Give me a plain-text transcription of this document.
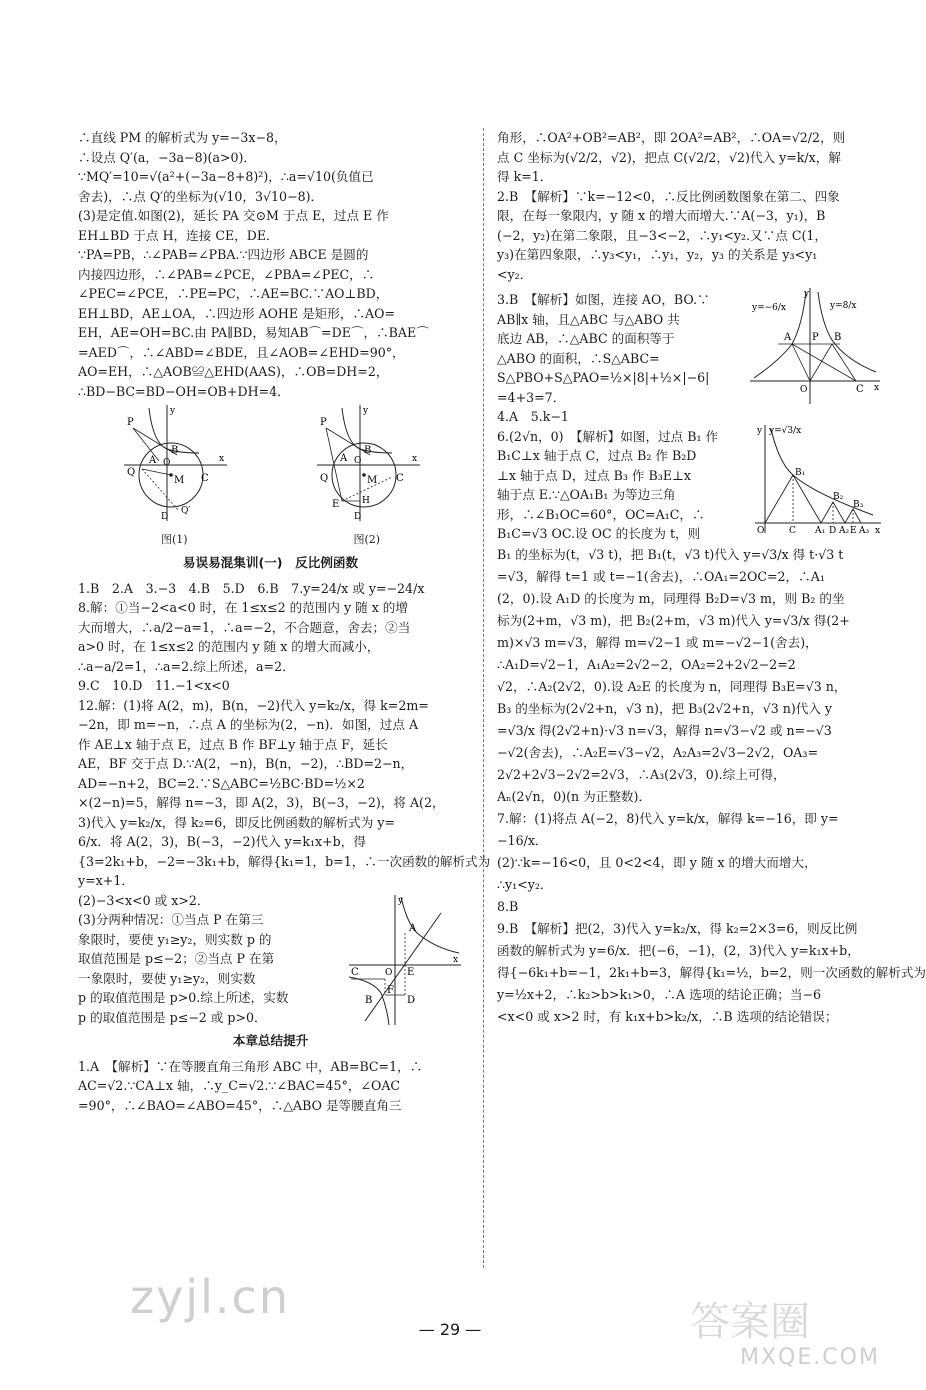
∴直线 PM 的解析式为 y=−3x−8，
∴设点 Q′(a，−3a−8)(a>0)．
∵MQ′=10=√(a²+(−3a−8+8)²)，∴a=√10(负值已
舍去)，∴点 Q′的坐标为(√10，3√10−8)．
(3)是定值.如图(2)，延长 PA 交⊙M 于点 E，过点 E 作
EH⊥BD 于点 H，连接 CE，DE．
∵PA=PB，∴∠PAB=∠PBA.∵四边形 ABCE 是圆的
内接四边形，∴∠PAB=∠PCE，∠PBA=∠PEC，∴
∠PEC=∠PCE，∴PE=PC，∴AE=BC.∵AO⊥BD，
EH⊥BD，AE⊥OA，∴四边形 AOHE 是矩形，∴AO=
EH，AE=OH=BC.由 PA∥BD，易知AB⌒=DE⌒，∴BAE⌒
=AED⌒，∴∠ABD=∠BDE，且∠AOB=∠EHD=90°，
AO=EH，∴△AOB≌△EHD(AAS)，∴OB=DH=2，
∴BD−BC=BD−OH=OB+DH=4．
P
B
A O
Q
M C
Q′
D
x
y
图(1)
P
B
A O
Q	M C
E	H
D
x
y
图(2)
易误易混集训(一)　反比例函数
1.B　2.A　3.−3　4.B　5.D　6.B　7.y=24/x 或 y=−24/x
8.解：①当−2<a<0 时，在 1≤x≤2 的范围内 y 随 x 的增
大而增大，∴a/2−a=1，∴a=−2，不合题意，舍去；②当
a>0 时，在 1≤x≤2 的范围内 y 随 x 的增大而减小，
∴a−a/2=1，∴a=2.综上所述，a=2．
9.C　10.D　11.−1<x<0
12.解：(1)将 A(2，m)，B(n，−2)代入 y=k₂/x，得 k=2m=
−2n，即 m=−n，∴点 A 的坐标为(2，−n)．如图，过点 A
作 AE⊥x 轴于点 E，过点 B 作 BF⊥y 轴于点 F，延长
AE，BF 交于点 D.∵A(2，−n)，B(n，−2)，∴BD=2−n，
AD=−n+2，BC=2.∵S△ABC=½BC·BD=½×2
×(2−n)=5，解得 n=−3，即 A(2，3)，B(−3，−2)，将 A(2，
3)代入 y=k₂/x，得 k₂=6，即反比例函数的解析式为 y=
6/x．将 A(2，3)，B(−3，−2)代入 y=k₁x+b，得
{3=2k₁+b，−2=−3k₁+b，解得{k₁=1，b=1，∴一次函数的解析式为
y=x+1．
y
x
A
C	O E
F
D
B
(2)−3<x<0 或 x>2．
(3)分两种情况：①当点 P 在第三
象限时，要使 y₁≥y₂，则实数 p 的
取值范围是 p≤−2；②当点 P 在第
一象限时，要使 y₁≥y₂，则实数
p 的取值范围是 p>0.综上所述，实数
p 的取值范围是 p≤−2 或 p>0．
本章总结提升
1.A　【解析】∵在等腰直角三角形 ABC 中，AB=BC=1，∴
AC=√2.∵CA⊥x 轴，∴y_C=√2.∵∠BAC=45°，∠OAC
=90°，∴∠BAO=∠ABO=45°，∴△ABO 是等腰直角三
角形，∴OA²+OB²=AB²，即 2OA²=AB²，∴OA=√2/2，则
点 C 坐标为(√2/2，√2)，把点 C(√2/2，√2)代入 y=k/x，解
得 k=1．
2.B　【解析】∵k=−12<0，∴反比例函数图象在第二、四象
限，在每一象限内，y 随 x 的增大而增大.∵A(−3，y₁)，B
(−2，y₂)在第二象限，且−3<−2，∴y₁<y₂.又∵点 C(1，
y₃)在第四象限，∴y₃<y₁，∴y₁，y₂，y₃ 的关系是 y₃<y₁
<y₂．
y=−6/x	y=8/x
y
x
A P B
O	C
3.B　【解析】如图，连接 AO，BO.∵
AB∥x 轴，且△ABC 与△ABO 共
底边 AB，∴△ABC 的面积等于
△ABO 的面积，∴S△ABC=
S△PBO+S△PAO=½×|8|+½×|−6|
=4+3=7．
4.A　5.k−1
y=√3/x
y
x
B₁
B₂
B₃
O	C A₁ D A₂ E A₃
6.(2√n，0)　【解析】如图，过点 B₁ 作
B₁C⊥x 轴于点 C，过点 B₂ 作 B₂D
⊥x 轴于点 D，过点 B₃ 作 B₃E⊥x
轴于点 E.∵△OA₁B₁ 为等边三角
形，∴∠B₁OC=60°，OC=A₁C，∴
B₁C=√3 OC.设 OC 的长度为 t，则
B₁ 的坐标为(t，√3 t)，把 B₁(t，√3 t)代入 y=√3/x 得 t·√3 t
=√3，解得 t=1 或 t=−1(舍去)，∴OA₁=2OC=2，∴A₁
(2，0).设 A₁D 的长度为 m，同理得 B₂D=√3 m，则 B₂ 的坐
标为(2+m，√3 m)，把 B₂(2+m，√3 m)代入 y=√3/x 得(2+
m)×√3 m=√3，解得 m=√2−1 或 m=−√2−1(舍去)，
∴A₁D=√2−1，A₁A₂=2√2−2，OA₂=2+2√2−2=2
√2，∴A₂(2√2，0).设 A₂E 的长度为 n，同理得 B₃E=√3 n，
B₃ 的坐标为(2√2+n，√3 n)，把 B₃(2√2+n，√3 n)代入 y
=√3/x 得(2√2+n)·√3 n=√3，解得 n=√3−√2 或 n=−√3
−√2(舍去)，∴A₂E=√3−√2，A₂A₃=2√3−2√2，OA₃=
2√2+2√3−2√2=2√3，∴A₃(2√3，0).综上可得，
Aₙ(2√n，0)(n 为正整数)．
7.解：(1)将点 A(−2，8)代入 y=k/x，解得 k=−16，即 y=
−16/x．
(2)∵k=−16<0，且 0<2<4，即 y 随 x 的增大而增大，
∴y₁<y₂．
8.B
9.B　【解析】把(2，3)代入 y=k₂/x，得 k₂=2×3=6，则反比例
函数的解析式为 y=6/x．把(−6，−1)，(2，3)代入 y=k₁x+b，
得{−6k₁+b=−1，2k₁+b=3，解得{k₁=½，b=2，则一次函数的解析式为
y=½x+2，∴k₂>b>k₁>0，∴A 选项的结论正确；当−6
<x<0 或 x>2 时，有 k₁x+b>k₂/x，∴B 选项的结论错误；
— 29 —
zyjl.cn	答案圈
MXQE.COM
